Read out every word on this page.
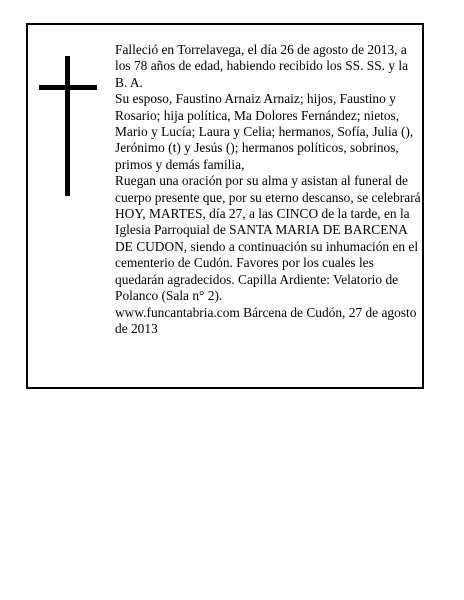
Falleció en Torrelavega, el día 26 de agosto de 2013, a los 78 años de edad, habiendo recibido los SS. SS. y la B. A.

Su esposo, Faustino Arnaiz Arnaiz; hijos, Faustino y Rosario; hija política, Ma Dolores Fernández; nietos, Mario y Lucía; Laura y Celia; hermanos, Sofía, Julia (), Jerónimo (t) y Jesús (); hermanos políticos, sobrinos, primos y demás familia,

Ruegan una oración por su alma y asistan al funeral de cuerpo presente que, por su eterno descanso, se celebrará HOY, MARTES, día 27, a las CINCO de la tarde, en la Iglesia Parroquial de SANTA MARIA DE BARCENA DE CUDON, siendo a continuación su inhumación en el cementerio de Cudón. Favores por los cuales les quedarán agradecidos. Capilla Ardiente: Velatorio de Polanco (Sala n° 2).

www.funcantabria.com Bárcena de Cudón, 27 de agosto de 2013
